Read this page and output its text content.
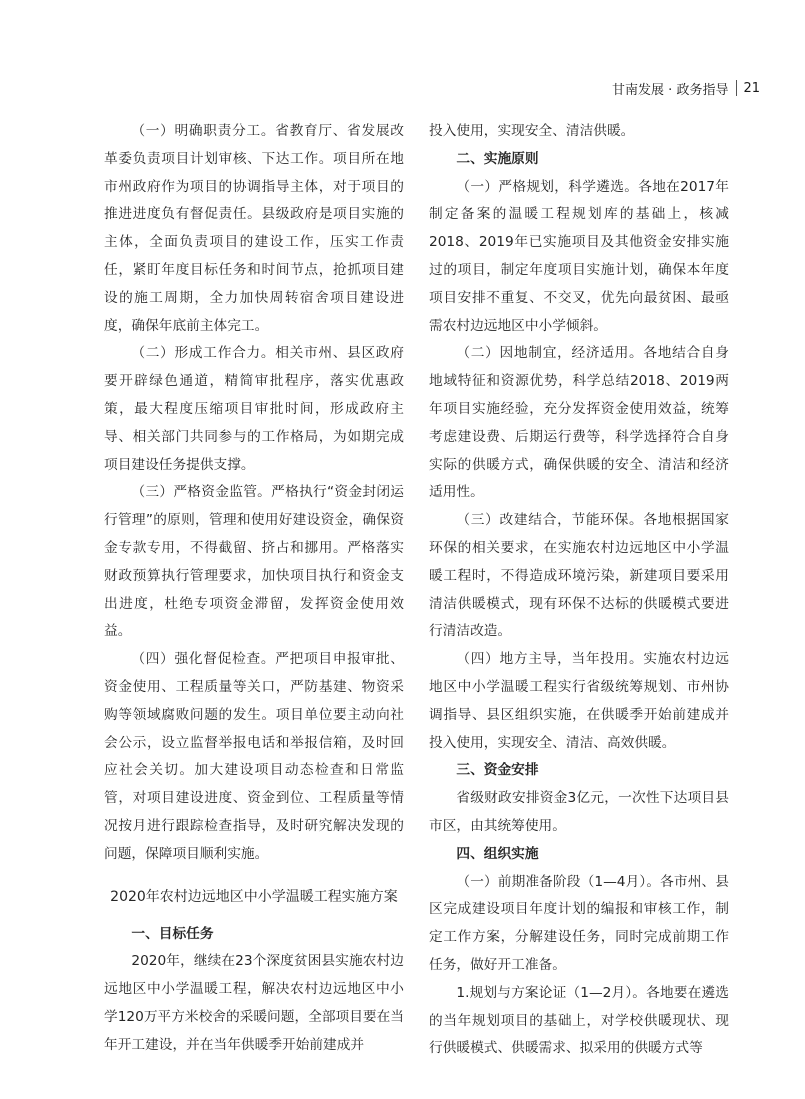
甘南发展 · 政务指导 21

（一）明确职责分工。省教育厅、省发展改革委负责项目计划审核、下达工作。项目所在地市州政府作为项目的协调指导主体，对于项目的推进进度负有督促责任。县级政府是项目实施的主体，全面负责项目的建设工作，压实工作责任，紧盯年度目标任务和时间节点，抢抓项目建设的施工周期，全力加快周转宿舍项目建设进度，确保年底前主体完工。

（二）形成工作合力。相关市州、县区政府要开辟绿色通道，精简审批程序，落实优惠政策，最大程度压缩项目审批时间，形成政府主导、相关部门共同参与的工作格局，为如期完成项目建设任务提供支撑。

（三）严格资金监管。严格执行“资金封闭运行管理”的原则，管理和使用好建设资金，确保资金专款专用，不得截留、挤占和挪用。严格落实财政预算执行管理要求，加快项目执行和资金支出进度，杜绝专项资金滞留，发挥资金使用效益。

（四）强化督促检查。严把项目申报审批、资金使用、工程质量等关口，严防基建、物资采购等领域腐败问题的发生。项目单位要主动向社会公示，设立监督举报电话和举报信箱，及时回应社会关切。加大建设项目动态检查和日常监管，对项目建设进度、资金到位、工程质量等情况按月进行跟踪检查指导，及时研究解决发现的问题，保障项目顺利实施。

2020年农村边远地区中小学温暖工程实施方案
一、目标任务

2020年，继续在23个深度贫困县实施农村边远地区中小学温暖工程，解决农村边远地区中小学120万平方米校舍的采暖问题，全部项目要在当年开工建设，并在当年供暖季开始前建成并

投入使用，实现安全、清洁供暖。

二、实施原则

（一）严格规划，科学遴选。各地在2017年制定备案的温暖工程规划库的基础上，核减2018、2019年已实施项目及其他资金安排实施过的项目，制定年度项目实施计划，确保本年度项目安排不重复、不交叉，优先向最贫困、最亟需农村边远地区中小学倾斜。

（二）因地制宜，经济适用。各地结合自身地域特征和资源优势，科学总结2018、2019两年项目实施经验，充分发挥资金使用效益，统筹考虑建设费、后期运行费等，科学选择符合自身实际的供暖方式，确保供暖的安全、清洁和经济适用性。

（三）改建结合，节能环保。各地根据国家环保的相关要求，在实施农村边远地区中小学温暖工程时，不得造成环境污染，新建项目要采用清洁供暖模式，现有环保不达标的供暖模式要进行清洁改造。

（四）地方主导，当年投用。实施农村边远地区中小学温暖工程实行省级统筹规划、市州协调指导、县区组织实施，在供暖季开始前建成并投入使用，实现安全、清洁、高效供暖。

三、资金安排

省级财政安排资金3亿元，一次性下达项目县市区，由其统筹使用。

四、组织实施

（一）前期准备阶段（1—4月）。各市州、县区完成建设项目年度计划的编报和审核工作，制定工作方案，分解建设任务，同时完成前期工作任务，做好开工准备。

1.规划与方案论证（1—2月）。各地要在遴选的当年规划项目的基础上，对学校供暖现状、现行供暖模式、供暖需求、拟采用的供暖方式等
